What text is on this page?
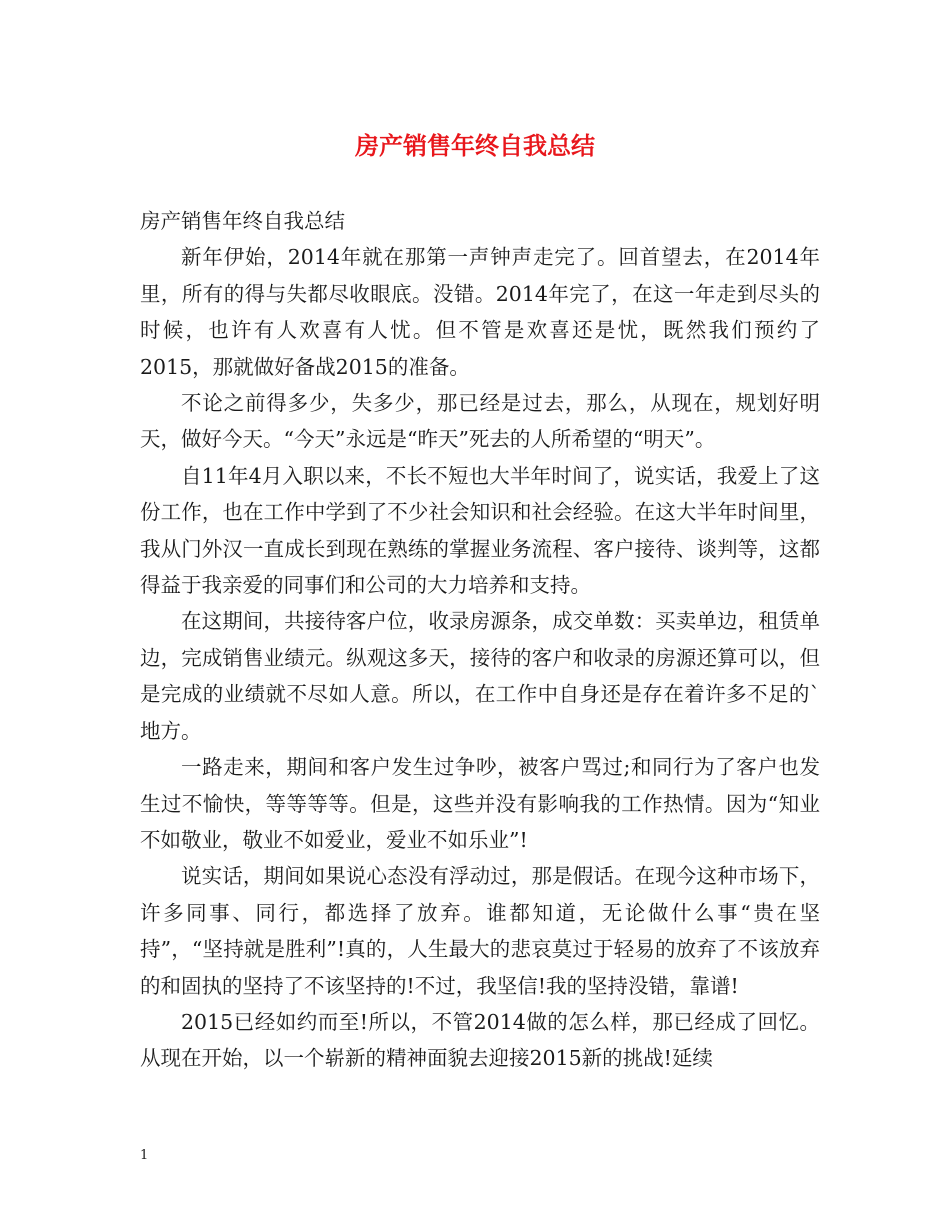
房产销售年终自我总结

房产销售年终自我总结

新年伊始，2014年就在那第一声钟声走完了。回首望去，在2014年里，所有的得与失都尽收眼底。没错。2014年完了，在这一年走到尽头的时候，也许有人欢喜有人忧。但不管是欢喜还是忧，既然我们预约了2015，那就做好备战2015的准备。

不论之前得多少，失多少，那已经是过去，那么，从现在，规划好明天，做好今天。“今天”永远是“昨天”死去的人所希望的“明天”。

自11年4月入职以来，不长不短也大半年时间了，说实话，我爱上了这份工作，也在工作中学到了不少社会知识和社会经验。在这大半年时间里，我从门外汉一直成长到现在熟练的掌握业务流程、客户接待、谈判等，这都得益于我亲爱的同事们和公司的大力培养和支持。

在这期间，共接待客户位，收录房源条，成交单数：买卖单边，租赁单边，完成销售业绩元。纵观这多天，接待的客户和收录的房源还算可以，但是完成的业绩就不尽如人意。所以，在工作中自身还是存在着许多不足的`地方。

一路走来，期间和客户发生过争吵，被客户骂过;和同行为了客户也发生过不愉快，等等等等。但是，这些并没有影响我的工作热情。因为“知业不如敬业，敬业不如爱业，爱业不如乐业”!

说实话，期间如果说心态没有浮动过，那是假话。在现今这种市场下，许多同事、同行，都选择了放弃。谁都知道，无论做什么事“贵在坚持”，“坚持就是胜利”!真的，人生最大的悲哀莫过于轻易的放弃了不该放弃的和固执的坚持了不该坚持的!不过，我坚信!我的坚持没错，靠谱!

2015已经如约而至!所以，不管2014做的怎么样，那已经成了回忆。从现在开始，以一个崭新的精神面貌去迎接2015新的挑战!延续

1
